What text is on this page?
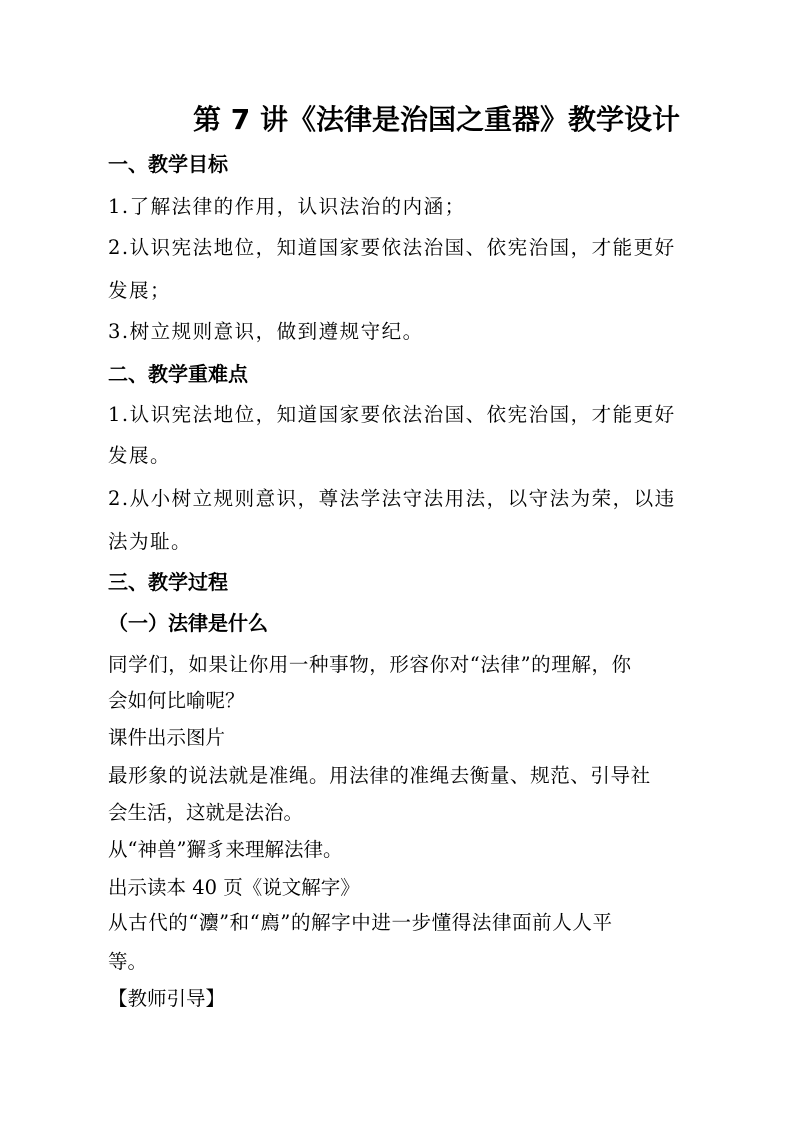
第 7 讲《法律是治国之重器》教学设计
一、教学目标
1.了解法律的作用，认识法治的内涵；
2.认识宪法地位，知道国家要依法治国、依宪治国，才能更好
发展；
3.树立规则意识，做到遵规守纪。
二、教学重难点
1.认识宪法地位，知道国家要依法治国、依宪治国，才能更好
发展。
2.从小树立规则意识，尊法学法守法用法，以守法为荣，以违
法为耻。
三、教学过程
（一）法律是什么
同学们，如果让你用一种事物，形容你对“法律”的理解，你
会如何比喻呢？
课件出示图片
最形象的说法就是准绳。用法律的准绳去衡量、规范、引导社
会生活，这就是法治。
从“神兽”獬豸来理解法律。
出示读本 40 页《说文解字》
从古代的“灋”和“廌”的解字中进一步懂得法律面前人人平
等。
【教师引导】
